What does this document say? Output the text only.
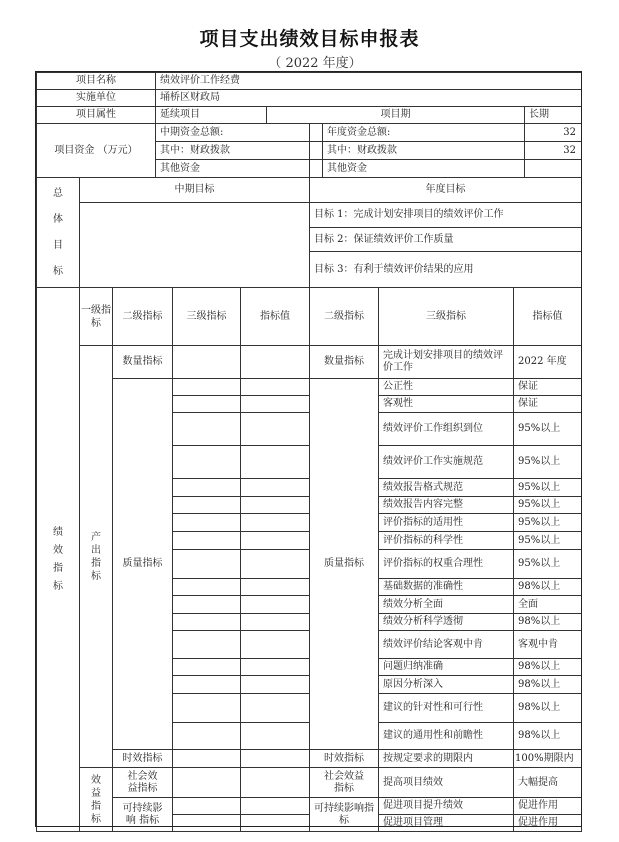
项目支出绩效目标申报表
（ 2022 年度）
项目名称	绩效评价工作经费				
实施单位	埇桥区财政局				
项目属性	延续项目	项目期			长期
项目资金 （万元）	中期资金总额:			年度资金总额:	32
	其中：财政拨款			其中：财政拨款	32
	其他资金			其他资金	
总
体
目
标	中期目标	年度目标
		目标 1：完成计划安排项目的绩效评价工作
		目标 2：保证绩效评价工作质量
		目标 3：有利于绩效评价结果的应用
绩效指标	一级指标	二级指标	三级指标	指标值	二级指标	三级指标	指标值
	产出指标	数量指标			数量指标	完成计划安排项目的绩效评价工作	2022 年度
		质量指标			质量指标	公正性	保证
						客观性	保证
						绩效评价工作组织到位	95%以上
						绩效评价工作实施规范	95%以上
						绩效报告格式规范	95%以上
						绩效报告内容完整	95%以上
						评价指标的适用性	95%以上
						评价指标的科学性	95%以上
						评价指标的权重合理性	95%以上
						基础数据的准确性	98%以上
						绩效分析全面	全面
						绩效分析科学透彻	98%以上
						绩效评价结论客观中肯	客观中肯
						问题归纳准确	98%以上
						原因分析深入	98%以上
						建议的针对性和可行性	98%以上
						建议的通用性和前瞻性	98%以上
		时效指标			时效指标	按规定要求的期限内	100%期限内
	效益指标	社会效益指标			社会效益指标	提高项目绩效	大幅提高
		可持续影响 指标			可持续影响指标	促进项目提升绩效	促进作用
						促进项目管理	促进作用
